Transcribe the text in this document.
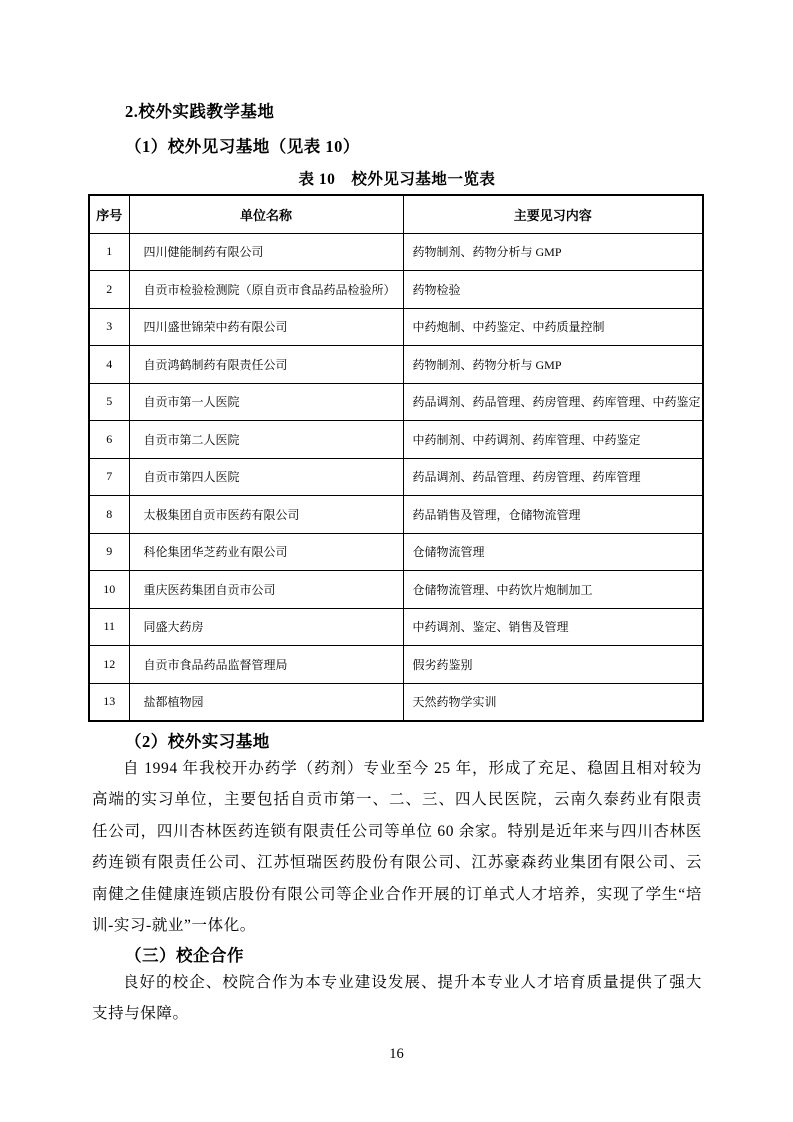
2.校外实践教学基地
（1）校外见习基地（见表 10）
表 10　校外见习基地一览表
序号	单位名称	主要见习内容
1	四川健能制药有限公司	药物制剂、药物分析与 GMP
2	自贡市检验检测院（原自贡市食品药品检验所）	药物检验
3	四川盛世锦荣中药有限公司	中药炮制、中药鉴定、中药质量控制
4	自贡鸿鹤制药有限责任公司	药物制剂、药物分析与 GMP
5	自贡市第一人医院	药品调剂、药品管理、药房管理、药库管理、中药鉴定
6	自贡市第二人医院	中药制剂、中药调剂、药库管理、中药鉴定
7	自贡市第四人医院	药品调剂、药品管理、药房管理、药库管理
8	太极集团自贡市医药有限公司	药品销售及管理，仓储物流管理
9	科伦集团华芝药业有限公司	仓储物流管理
10	重庆医药集团自贡市公司	仓储物流管理、中药饮片炮制加工
11	同盛大药房	中药调剂、鉴定、销售及管理
12	自贡市食品药品监督管理局	假劣药鉴别
13	盐都植物园	天然药物学实训
（2）校外实习基地

自 1994 年我校开办药学（药剂）专业至今 25 年，形成了充足、稳固且相对较为高端的实习单位，主要包括自贡市第一、二、三、四人民医院，云南久泰药业有限责任公司，四川杏林医药连锁有限责任公司等单位 60 余家。特别是近年来与四川杏林医药连锁有限责任公司、江苏恒瑞医药股份有限公司、江苏豪森药业集团有限公司、云南健之佳健康连锁店股份有限公司等企业合作开展的订单式人才培养，实现了学生“培训-实习-就业”一体化。

（三）校企合作

良好的校企、校院合作为本专业建设发展、提升本专业人才培育质量提供了强大支持与保障。

16
